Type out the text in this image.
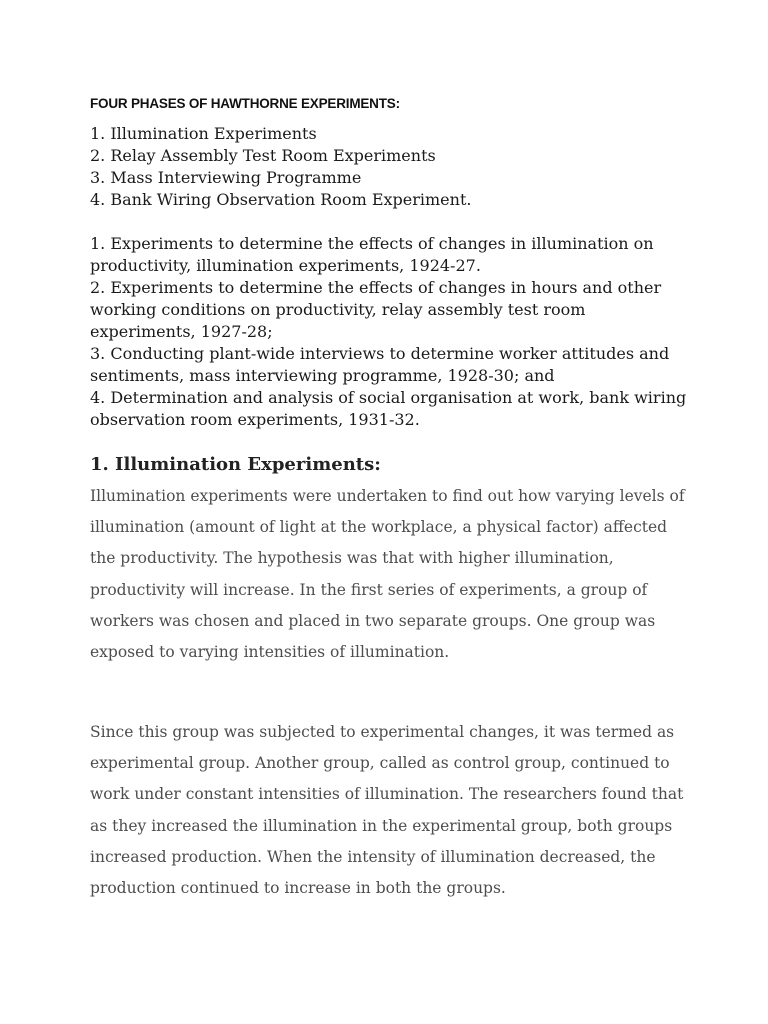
FOUR PHASES OF HAWTHORNE EXPERIMENTS:
1. Illumination Experiments
2. Relay Assembly Test Room Experiments
3. Mass Interviewing Programme
4. Bank Wiring Observation Room Experiment.

1. Experiments to determine the effects of changes in illumination on productivity, illumination experiments, 1924-27.

2. Experiments to determine the effects of changes in hours and other working conditions on productivity, relay assembly test room experiments, 1927-28;

3. Conducting plant-wide interviews to determine worker attitudes and sentiments, mass interviewing programme, 1928-30; and

4. Determination and analysis of social organisation at work, bank wiring observation room experiments, 1931-32.

1. Illumination Experiments:

Illumination experiments were undertaken to find out how varying levels of illumination (amount of light at the workplace, a physical factor) affected the productivity. The hypothesis was that with higher illumination, productivity will increase. In the first series of experiments, a group of workers was chosen and placed in two separate groups. One group was exposed to varying intensities of illumination.

Since this group was subjected to experimental changes, it was termed as experimental group. Another group, called as control group, continued to work under constant intensities of illumination. The researchers found that as they increased the illumination in the experimental group, both groups increased production. When the intensity of illumination decreased, the production continued to increase in both the groups.
